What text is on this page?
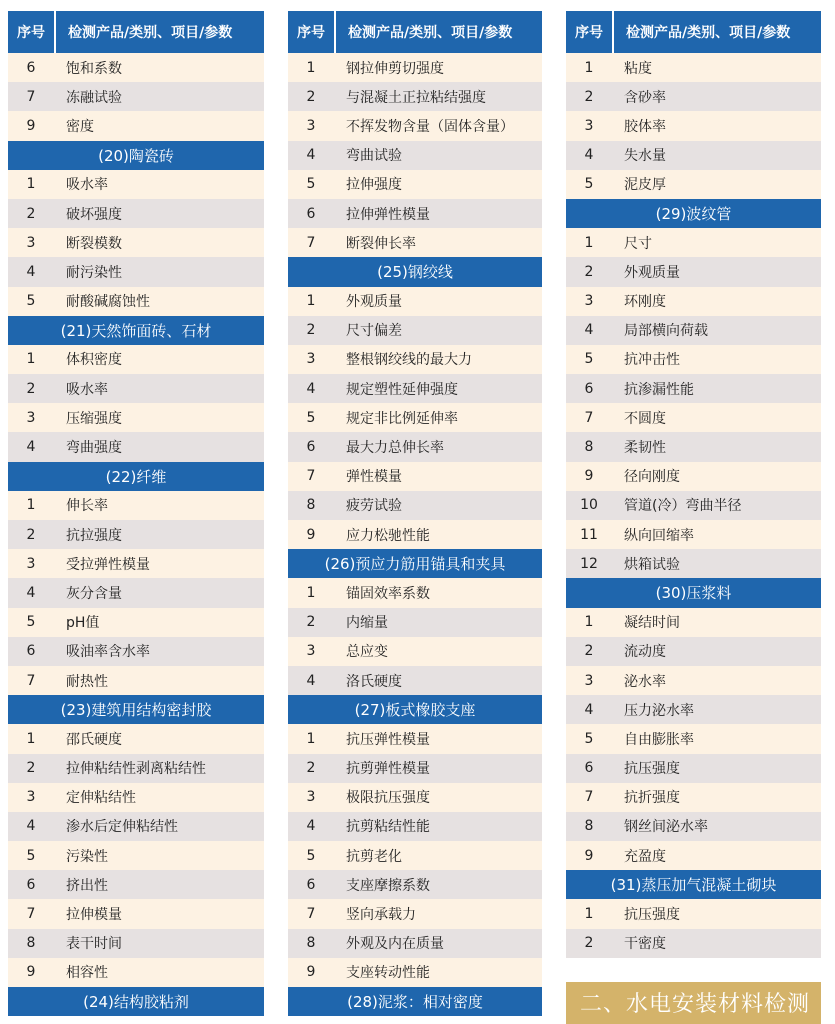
序号	检测产品/类别、项目/参数
6	饱和系数
7	冻融试验
9	密度
(20)陶瓷砖
1	吸水率
2	破坏强度
3	断裂模数
4	耐污染性
5	耐酸碱腐蚀性
(21)天然饰面砖、石材
1	体积密度
2	吸水率
3	压缩强度
4	弯曲强度
(22)纤维
1	伸长率
2	抗拉强度
3	受拉弹性模量
4	灰分含量
5	pH值
6	吸油率含水率
7	耐热性
(23)建筑用结构密封胶
1	邵氏硬度
2	拉伸粘结性剥离粘结性
3	定伸粘结性
4	渗水后定伸粘结性
5	污染性
6	挤出性
7	拉伸模量
8	表干时间
9	相容性
(24)结构胶粘剂
序号	检测产品/类别、项目/参数
1	钢拉伸剪切强度
2	与混凝土正拉粘结强度
3	不挥发物含量（固体含量）
4	弯曲试验
5	拉伸强度
6	拉伸弹性模量
7	断裂伸长率
(25)钢绞线
1	外观质量
2	尺寸偏差
3	整根钢绞线的最大力
4	规定塑性延伸强度
5	规定非比例延伸率
6	最大力总伸长率
7	弹性模量
8	疲劳试验
9	应力松驰性能
(26)预应力筋用锚具和夹具
1	锚固效率系数
2	内缩量
3	总应变
4	洛氏硬度
(27)板式橡胶支座
1	抗压弹性模量
2	抗剪弹性模量
3	极限抗压强度
4	抗剪粘结性能
5	抗剪老化
6	支座摩擦系数
7	竖向承载力
8	外观及内在质量
9	支座转动性能
(28)泥浆：相对密度
序号	检测产品/类别、项目/参数
1	粘度
2	含砂率
3	胶体率
4	失水量
5	泥皮厚
(29)波纹管
1	尺寸
2	外观质量
3	环刚度
4	局部横向荷载
5	抗冲击性
6	抗渗漏性能
7	不圆度
8	柔韧性
9	径向刚度
10	管道(冷）弯曲半径
11	纵向回缩率
12	烘箱试验
(30)压浆料
1	凝结时间
2	流动度
3	泌水率
4	压力泌水率
5	自由膨胀率
6	抗压强度
7	抗折强度
8	钢丝间泌水率
9	充盈度
(31)蒸压加气混凝土砌块
1	抗压强度
2	干密度
二、水电安装材料检测
